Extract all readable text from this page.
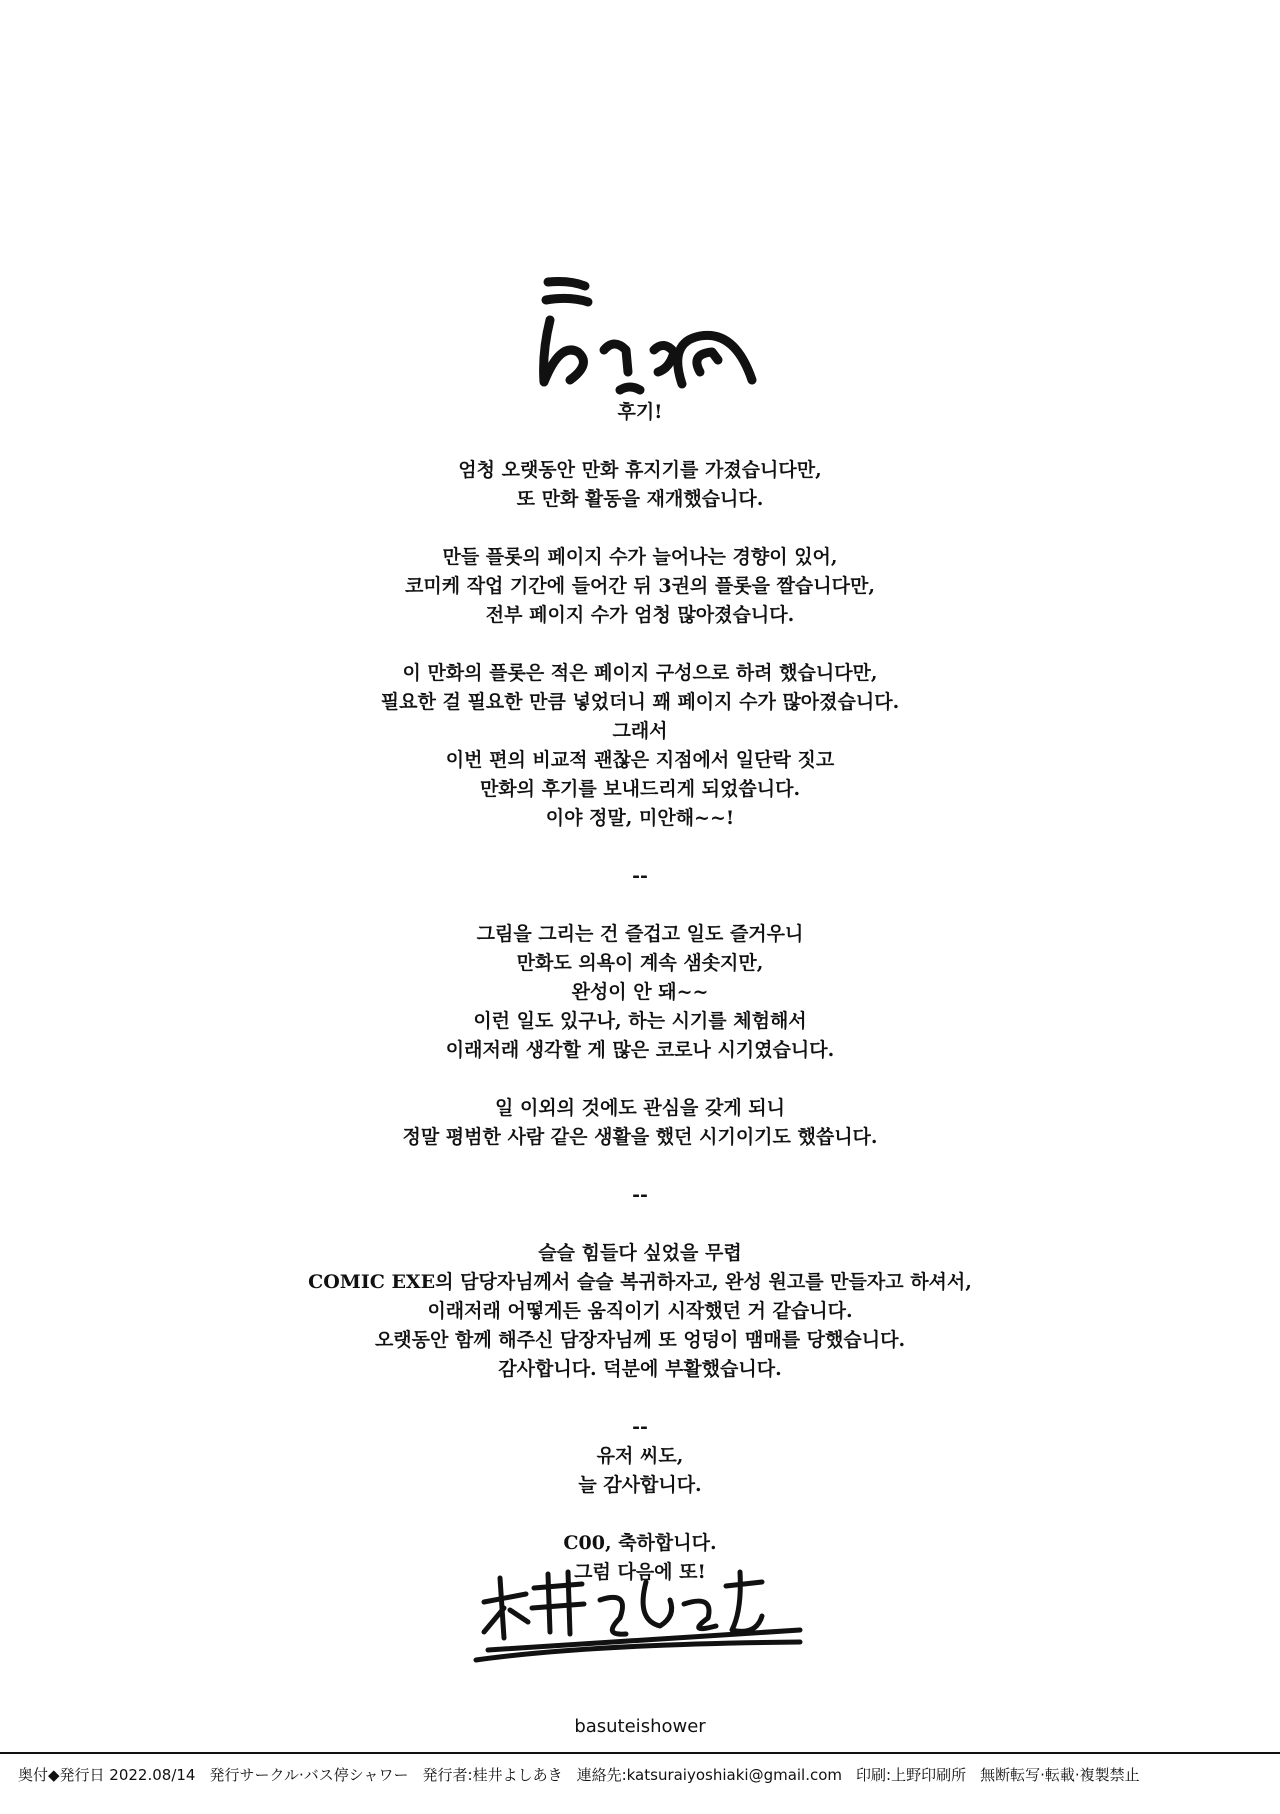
후기!

엄청 오랫동안 만화 휴지기를 가졌습니다만,

또 만화 활동을 재개했습니다.

만들 플롯의 페이지 수가 늘어나는 경향이 있어,

코미케 작업 기간에 들어간 뒤 3권의 플롯을 짤습니다만,

전부 페이지 수가 엄청 많아졌습니다.

이 만화의 플롯은 적은 페이지 구성으로 하려 했습니다만,

필요한 걸 필요한 만큼 넣었더니 꽤 페이지 수가 많아졌습니다.

그래서

이번 편의 비교적 괜찮은 지점에서 일단락 짓고

만화의 후기를 보내드리게 되었씁니다.

이야 정말, 미안해~~!

--

그림을 그리는 건 즐겁고 일도 즐거우니

만화도 의욕이 계속 샘솟지만,

완성이 안 돼~~

이런 일도 있구나, 하는 시기를 체험해서

이래저래 생각할 게 많은 코로나 시기였습니다.

일 이외의 것에도 관심을 갖게 되니

정말 평범한 사람 같은 생활을 했던 시기이기도 했씁니다.

--

슬슬 힘들다 싶었을 무렵

COMIC EXE의 담당자님께서 슬슬 복귀하자고, 완성 원고를 만들자고 하셔서,

이래저래 어떻게든 움직이기 시작했던 거 같습니다.

오랫동안 함께 해주신 담장자님께 또 엉덩이 맴매를 당했습니다.

감사합니다. 덕분에 부활했습니다.

--

유저 씨도,

늘 감사합니다.

C00, 축하합니다.

그럼 다음에 또!

basuteishower
奥付◆発行日 2022.08/14 発行サークル·バス停シャワー 発行者:桂井よしあき 連絡先:katsuraiyoshiaki@gmail.com 印刷:上野印刷所 無断転写·転載·複製禁止
